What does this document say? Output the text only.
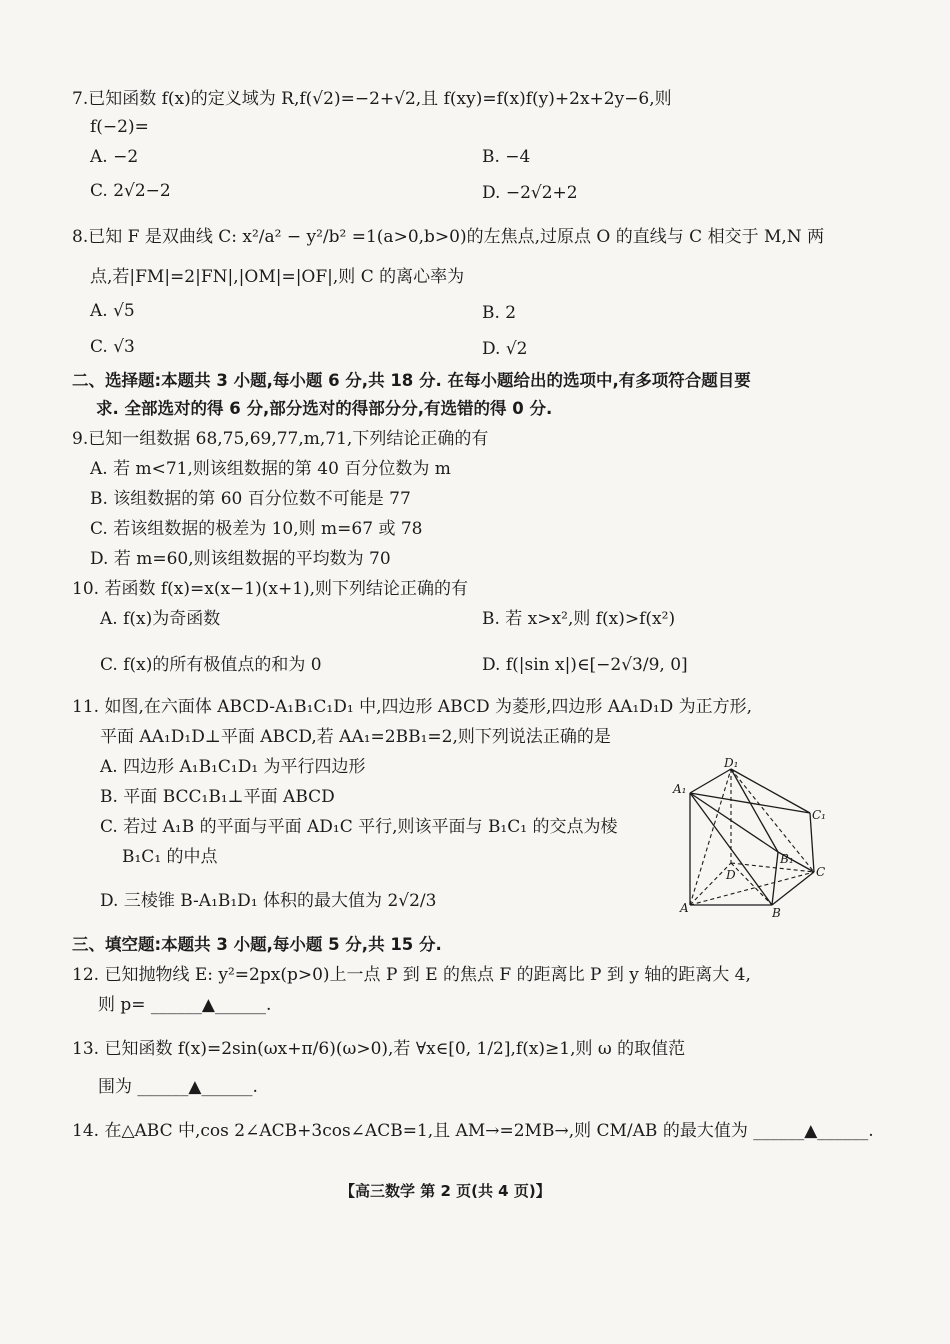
7.已知函数 f(x)的定义域为 R,f(√2)=−2+√2,且 f(xy)=f(x)f(y)+2x+2y−6,则
f(−2)=
A. −2	B. −4
C. 2√2−2	D. −2√2+2
8.已知 F 是双曲线 C: x²/a² − y²/b² =1(a>0,b>0)的左焦点,过原点 O 的直线与 C 相交于 M,N 两
点,若|FM|=2|FN|,|OM|=|OF|,则 C 的离心率为
A. √5	B. 2
C. √3	D. √2
二、选择题:本题共 3 小题,每小题 6 分,共 18 分. 在每小题给出的选项中,有多项符合题目要
求. 全部选对的得 6 分,部分选对的得部分分,有选错的得 0 分.
9.已知一组数据 68,75,69,77,m,71,下列结论正确的有
A. 若 m<71,则该组数据的第 40 百分位数为 m
B. 该组数据的第 60 百分位数不可能是 77
C. 若该组数据的极差为 10,则 m=67 或 78
D. 若 m=60,则该组数据的平均数为 70
10. 若函数 f(x)=x(x−1)(x+1),则下列结论正确的有
A. f(x)为奇函数	B. 若 x>x²,则 f(x)>f(x²)
C. f(x)的所有极值点的和为 0	D. f(|sin x|)∈[−2√3/9, 0]
11. 如图,在六面体 ABCD-A₁B₁C₁D₁ 中,四边形 ABCD 为菱形,四边形 AA₁D₁D 为正方形,
平面 AA₁D₁D⊥平面 ABCD,若 AA₁=2BB₁=2,则下列说法正确的是
A. 四边形 A₁B₁C₁D₁ 为平行四边形
B. 平面 BCC₁B₁⊥平面 ABCD
C. 若过 A₁B 的平面与平面 AD₁C 平行,则该平面与 B₁C₁ 的交点为棱
B₁C₁ 的中点
D. 三棱锥 B-A₁B₁D₁ 体积的最大值为 2√2/3
D₁
A₁
C₁
B₁
D	C
A	B
三、填空题:本题共 3 小题,每小题 5 分,共 15 分.
12. 已知抛物线 E: y²=2px(p>0)上一点 P 到 E 的焦点 F 的距离比 P 到 y 轴的距离大 4,
则 p= ______▲______.
13. 已知函数 f(x)=2sin(ωx+π/6)(ω>0),若 ∀x∈[0, 1/2],f(x)≥1,则 ω 的取值范
围为 ______▲______.
14. 在△ABC 中,cos 2∠ACB+3cos∠ACB=1,且 AM→=2MB→,则 CM/AB 的最大值为 ______▲______.
【高三数学 第 2 页(共 4 页)】
